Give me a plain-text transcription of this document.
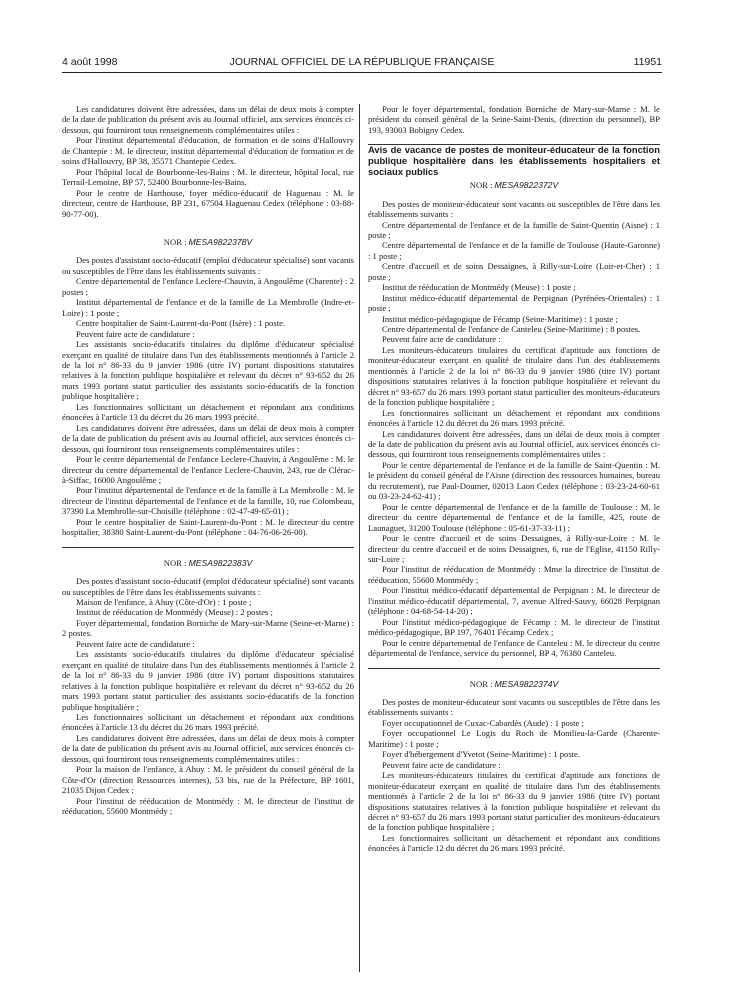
4 août 1998	JOURNAL OFFICIEL DE LA RÉPUBLIQUE FRANÇAISE	11951

Les candidatures doivent être adressées, dans un délai de deux mois à compter de la date de publication du présent avis au Journal officiel, aux services énoncés ci-dessous, qui fourniront tous renseignements complémentaires utiles :

Pour l'institut départemental d'éducation, de formation et de soins d'Hallouvry de Chantepie : M. le directeur, institut départemental d'éducation de formation et de soins d'Hallouvry, BP 38, 35571 Chantepie Cedex.

Pour l'hôpital local de Bourbonne-les-Bains : M. le directeur, hôpital local, rue Terrail-Lemoine, BP 57, 52400 Bourbonne-les-Bains.

Pour le centre de Harthouse, foyer médico-éducatif de Haguenau : M. le directeur, centre de Harthouse, BP 231, 67504 Haguenau Cedex (téléphone : 03-88-90-77-00).

NOR : MESA9822378V

Des postes d'assistant socio-éducatif (emploi d'éducateur spécialisé) sont vacants ou susceptibles de l'être dans les établissements suivants :

Centre départemental de l'enfance Leclere-Chauvin, à Angoulême (Charente) : 2 postes ;

Institut départemental de l'enfance et de la famille de La Membrolle (Indre-et-Loire) : 1 poste ;

Centre hospitalier de Saint-Laurent-du-Pont (Isère) : 1 poste.

Peuvent faire acte de candidature :

Les assistants socio-éducatifs titulaires du diplôme d'éducateur spécialisé exerçant en qualité de titulaire dans l'un des établissements mentionnés à l'article 2 de la loi n° 86-33 du 9 janvier 1986 (titre IV) portant dispositions statutaires relatives à la fonction publique hospitalière et relevant du décret n° 93-652 du 26 mars 1993 portant statut particulier des assistants socio-éducatifs de la fonction publique hospitalière ;

Les fonctionnaires sollicitant un détachement et répondant aux conditions énoncées à l'article 13 du décret du 26 mars 1993 précité.

Les candidatures doivent être adressées, dans un délai de deux mois à compter de la date de publication du présent avis au Journal officiel, aux services énoncés ci-dessous, qui fourniront tous renseignements complémentaires utiles :

Pour le centre départemental de l'enfance Leclere-Chauvin, à Angoulême : M. le directeur du centre départemental de l'enfance Leclere-Chauvin, 243, rue de Clérac-à-Siffac, 16000 Angoulême ;

Pour l'institut départemental de l'enfance et de la famille à La Membrolle : M. le directeur de l'institut départemental de l'enfance et de la famille, 10, rue Colombeau, 37390 La Membrolle-sur-Choisille (téléphone : 02-47-49-65-01) ;

Pour le centre hospitalier de Saint-Laurent-du-Pont : M. le directeur du centre hospitalier, 38380 Saint-Laurent-du-Pont (téléphone : 04-76-06-26-00).

NOR : MESA9822383V

Des postes d'assistant socio-éducatif (emploi d'éducateur spécialisé) sont vacants ou susceptibles de l'être dans les établissements suivants :

Maison de l'enfance, à Ahuy (Côte-d'Or) : 1 poste ;

Institut de rééducation de Montmédy (Meuse) : 2 postes ;

Foyer départemental, fondation Borniche de Mary-sur-Marne (Seine-et-Marne) : 2 postes.

Peuvent faire acte de candidature :

Les assistants socio-éducatifs titulaires du diplôme d'éducateur spécialisé exerçant en qualité de titulaire dans l'un des établissements mentionnés à l'article 2 de la loi n° 86-33 du 9 janvier 1986 (titre IV) portant dispositions statutaires relatives à la fonction publique hospitalière et relevant du décret n° 93-652 du 26 mars 1993 portant statut particulier des assistants socio-éducatifs de la fonction publique hospitalière ;

Les fonctionnaires sollicitant un détachement et répondant aux conditions énoncées à l'article 13 du décret du 26 mars 1993 précité.

Les candidatures doivent être adressées, dans un délai de deux mois à compter de la date de publication du présent avis au Journal officiel, aux services énoncés ci-dessous, qui fourniront tous renseignements complémentaires utiles :

Pour la maison de l'enfance, à Ahuy : M. le président du conseil général de la Côte-d'Or (direction Ressources internes), 53 bis, rue de la Préfecture, BP 1601, 21035 Dijon Cedex ;

Pour l'institut de rééducation de Montmédy : M. le directeur de l'institut de rééducation, 55600 Montmédy ;

Pour le foyer départemental, fondation Borniche de Mary-sur-Marne : M. le président du conseil général de la Seine-Saint-Denis, (direction du personnel), BP 193, 93003 Bobigny Cedex.

Avis de vacance de postes de moniteur-éducateur de la fonction publique hospitalière dans les établissements hospitaliers et sociaux publics

NOR : MESA9822372V

Des postes de moniteur-éducateur sont vacants ou susceptibles de l'être dans les établissements suivants :

Centre départemental de l'enfance et de la famille de Saint-Quentin (Aisne) : 1 poste ;

Centre départemental de l'enfance et de la famille de Toulouse (Haute-Garonne) : 1 poste ;

Centre d'accueil et de soins Dessaignes, à Rilly-sur-Loire (Loir-et-Cher) : 1 poste ;

Institut de rééducation de Montmédy (Meuse) : 1 poste ;

Institut médico-éducatif départemental de Perpignan (Pyrénées-Orientales) : 1 poste ;

Institut médico-pédagogique de Fécamp (Seine-Maritime) : 1 poste ;

Centre départemental de l'enfance de Canteleu (Seine-Maritime) : 8 postes.

Peuvent faire acte de candidature :

Les moniteurs-éducateurs titulaires du certificat d'aptitude aux fonctions de moniteur-éducateur exerçant en qualité de titulaire dans l'un des établissements mentionnés à l'article 2 de la loi n° 86-33 du 9 janvier 1986 (titre IV) portant dispositions statutaires relatives à la fonction publique hospitalière et relevant du décret n° 93-657 du 26 mars 1993 portant statut particulier des moniteurs-éducateurs de la fonction publique hospitalière ;

Les fonctionnaires sollicitant un détachement et répondant aux conditions énoncées à l'article 12 du décret du 26 mars 1993 précité.

Les candidatures doivent être adressées, dans un délai de deux mois à compter de la date de publication du présent avis au Journal officiel, aux services énoncés ci-dessous, qui fourniront tous renseignements complémentaires utiles :

Pour le centre départemental de l'enfance et de la famille de Saint-Quentin : M. le président du conseil général de l'Aisne (direction des ressources humaines, bureau du recrutement), rue Paul-Doumer, 02013 Laon Cedex (téléphone : 03-23-24-60-61 ou 03-23-24-62-41) ;

Pour le centre départemental de l'enfance et de la famille de Toulouse : M. le directeur du centre départemental de l'enfance et de la famille, 425, route de Launaguet, 31200 Toulouse (téléphone : 05-61-37-33-11) ;

Pour le centre d'accueil et de soins Dessaignes, à Rilly-sur-Loire : M. le directeur du centre d'accueil et de soins Dessaignes, 6, rue de l'Eglise, 41150 Rilly-sur-Loire ;

Pour l'institut de rééducation de Montmédy : Mme la directrice de l'institut de rééducation, 55600 Montmédy ;

Pour l'institut médico-éducatif départemental de Perpignan : M. le directeur de l'institut médico-éducatif départemental, 7, avenue Alfred-Sauvy, 66028 Perpignan (téléphone : 04-68-54-14-20) ;

Pour l'institut médico-pédagogique de Fécamp : M. le directeur de l'institut médico-pédagogique, BP 197, 76401 Fécamp Cedex ;

Pour le centre départemental de l'enfance de Canteleu : M. le directeur du centre départemental de l'enfance, service du personnel, BP 4, 76380 Canteleu.

NOR : MESA9822374V

Des postes de moniteur-éducateur sont vacants ou susceptibles de l'être dans les établissements suivants :

Foyer occupationnel de Cuxac-Cabardès (Aude) : 1 poste ;

Foyer occupationnel Le Logis du Roch de Montlieu-la-Garde (Charente-Maritime) : 1 poste ;

Foyer d'hébergement d'Yvetot (Seine-Maritime) : 1 poste.

Peuvent faire acte de candidature :

Les moniteurs-éducateurs titulaires du certificat d'aptitude aux fonctions de moniteur-éducateur exerçant en qualité de titulaire dans l'un des établissements mentionnés à l'article 2 de la loi n° 86-33 du 9 janvier 1986 (titre IV) portant dispositions statutaires relatives à la fonction publique hospitalière et relevant du décret n° 93-657 du 26 mars 1993 portant statut particulier des moniteurs-éducateurs de la fonction publique hospitalière ;

Les fonctionnaires sollicitant un détachement et répondant aux conditions énoncées à l'article 12 du décret du 26 mars 1993 précité.
